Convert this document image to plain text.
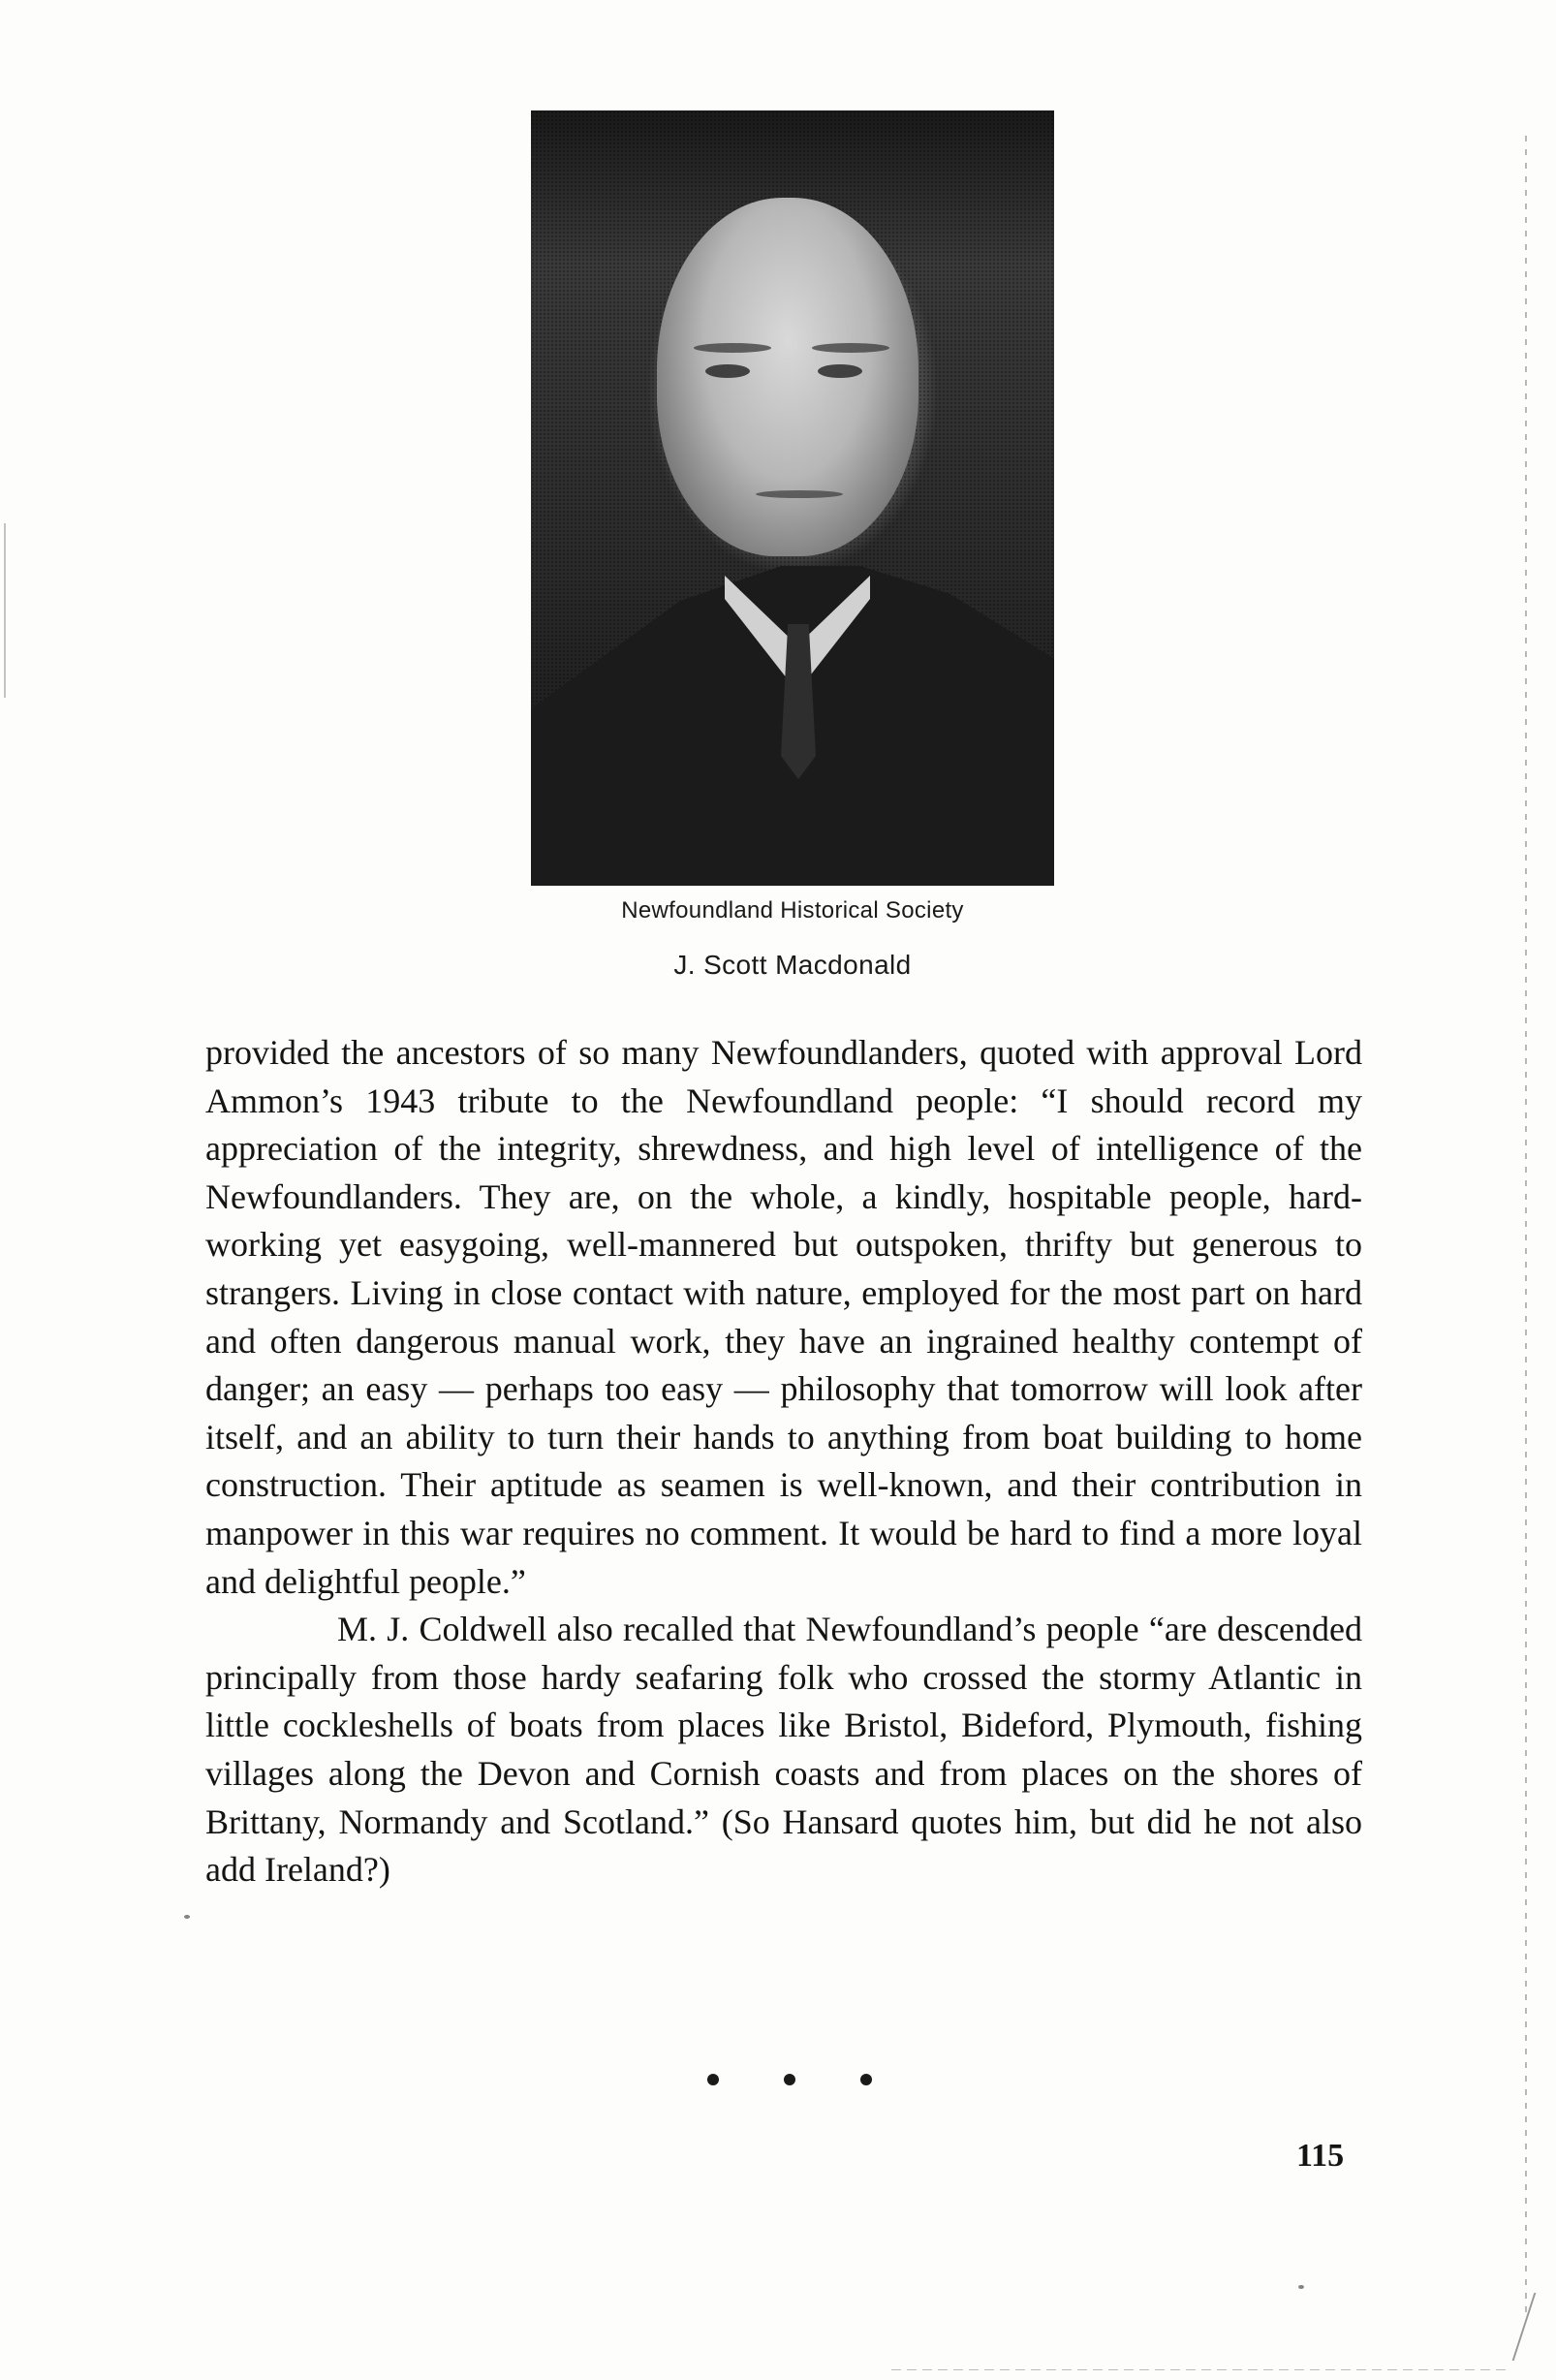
Newfoundland Historical Society

J. Scott Macdonald

provided the ancestors of so many Newfoundlanders, quoted with approval Lord Ammon’s 1943 tribute to the Newfoundland people: “I should record my appreciation of the integrity, shrewdness, and high level of intelligence of the Newfoundlanders. They are, on the whole, a kindly, hospitable people, hard-working yet easygoing, well-mannered but outspoken, thrifty but generous to strangers. Living in close contact with nature, employed for the most part on hard and often dangerous manual work, they have an ingrained healthy contempt of danger; an easy — perhaps too easy — philosophy that tomorrow will look after itself, and an ability to turn their hands to anything from boat building to home construction. Their aptitude as seamen is well-known, and their contribution in manpower in this war requires no comment. It would be hard to find a more loyal and delightful people.”

M. J. Coldwell also recalled that Newfoundland’s people “are descended principally from those hardy seafaring folk who crossed the stormy Atlantic in little cockleshells of boats from places like Bristol, Bideford, Plymouth, fishing villages along the Devon and Cornish coasts and from places on the shores of Brittany, Normandy and Scotland.” (So Hansard quotes him, but did he not also add Ireland?)

115
